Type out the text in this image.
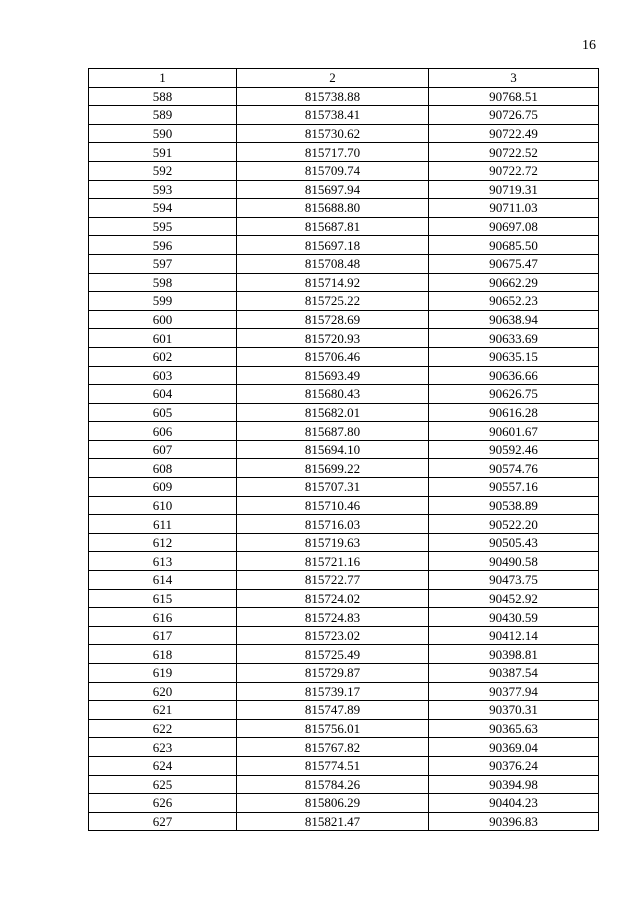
16
1	2	3
588	815738.88	90768.51
589	815738.41	90726.75
590	815730.62	90722.49
591	815717.70	90722.52
592	815709.74	90722.72
593	815697.94	90719.31
594	815688.80	90711.03
595	815687.81	90697.08
596	815697.18	90685.50
597	815708.48	90675.47
598	815714.92	90662.29
599	815725.22	90652.23
600	815728.69	90638.94
601	815720.93	90633.69
602	815706.46	90635.15
603	815693.49	90636.66
604	815680.43	90626.75
605	815682.01	90616.28
606	815687.80	90601.67
607	815694.10	90592.46
608	815699.22	90574.76
609	815707.31	90557.16
610	815710.46	90538.89
611	815716.03	90522.20
612	815719.63	90505.43
613	815721.16	90490.58
614	815722.77	90473.75
615	815724.02	90452.92
616	815724.83	90430.59
617	815723.02	90412.14
618	815725.49	90398.81
619	815729.87	90387.54
620	815739.17	90377.94
621	815747.89	90370.31
622	815756.01	90365.63
623	815767.82	90369.04
624	815774.51	90376.24
625	815784.26	90394.98
626	815806.29	90404.23
627	815821.47	90396.83
